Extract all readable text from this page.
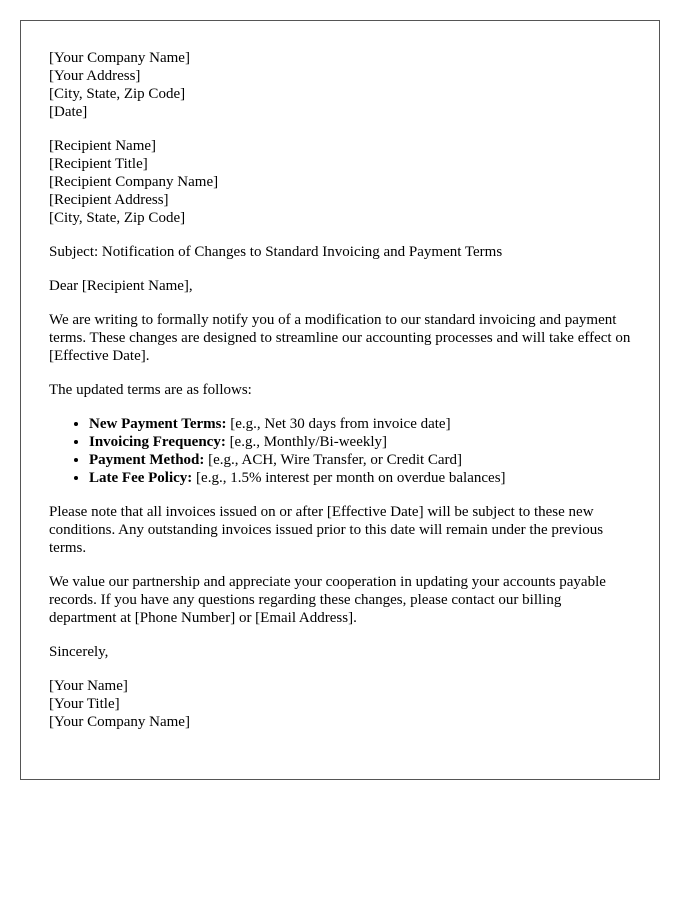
[Your Company Name]
[Your Address]
[City, State, Zip Code]
[Date]
[Recipient Name]
[Recipient Title]
[Recipient Company Name]
[Recipient Address]
[City, State, Zip Code]

Subject: Notification of Changes to Standard Invoicing and Payment Terms

Dear [Recipient Name],

We are writing to formally notify you of a modification to our standard invoicing and payment terms. These changes are designed to streamline our accounting processes and will take effect on [Effective Date].

The updated terms are as follows:

• New Payment Terms: [e.g., Net 30 days from invoice date]
• Invoicing Frequency: [e.g., Monthly/Bi-weekly]
• Payment Method: [e.g., ACH, Wire Transfer, or Credit Card]
• Late Fee Policy: [e.g., 1.5% interest per month on overdue balances]

Please note that all invoices issued on or after [Effective Date] will be subject to these new conditions. Any outstanding invoices issued prior to this date will remain under the previous terms.

We value our partnership and appreciate your cooperation in updating your accounts payable records. If you have any questions regarding these changes, please contact our billing department at [Phone Number] or [Email Address].

Sincerely,

[Your Name]
[Your Title]
[Your Company Name]
